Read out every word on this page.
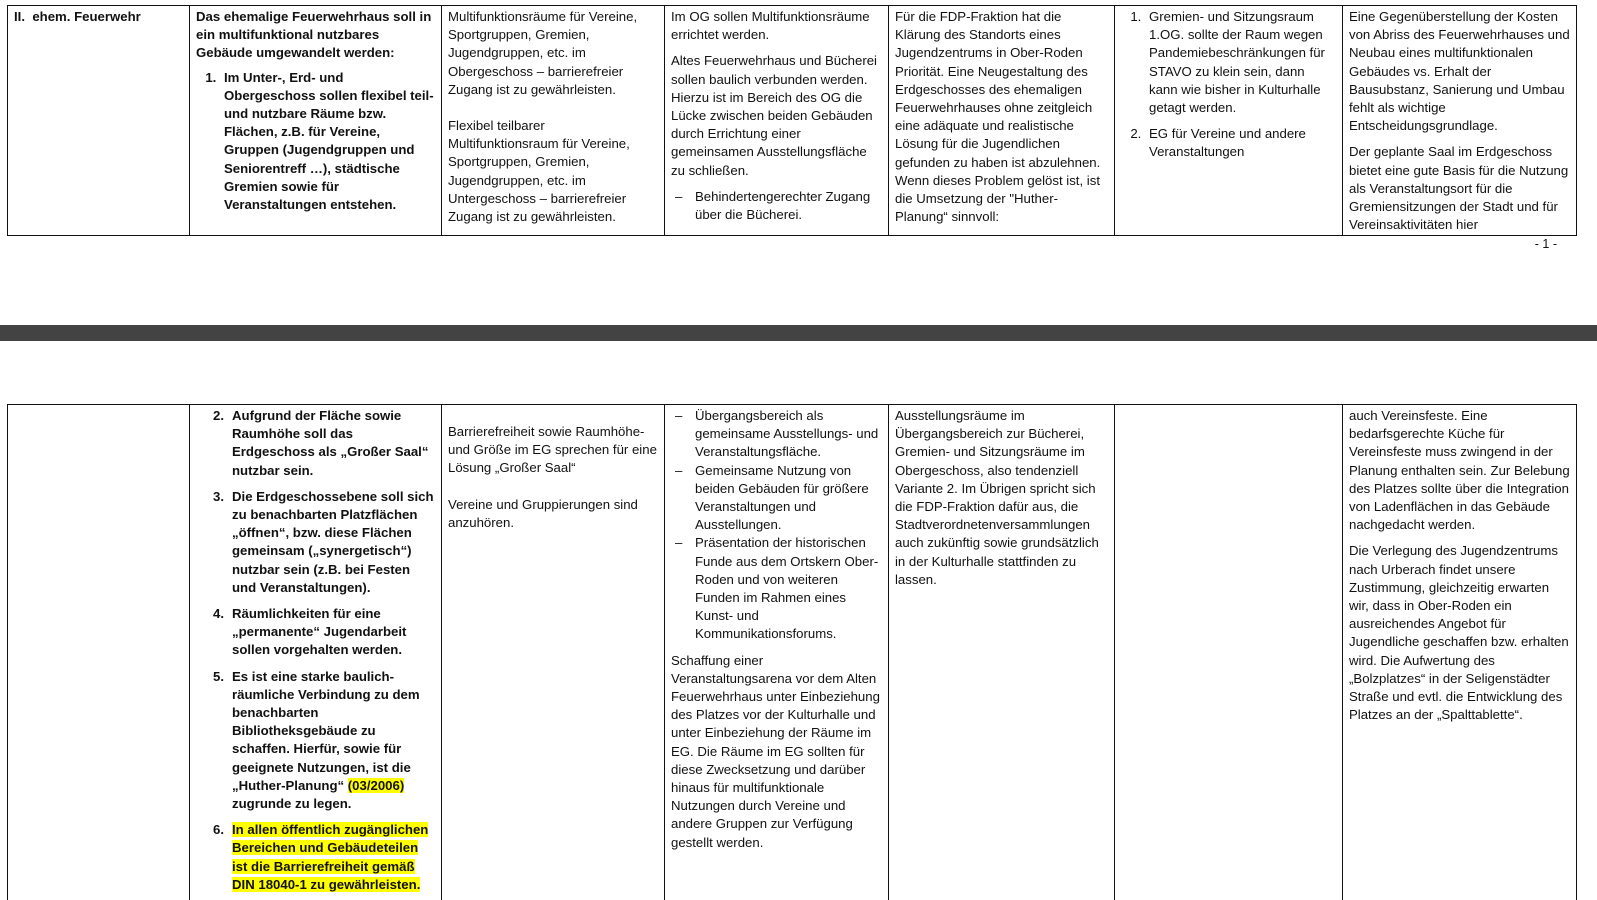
II.  ehem. Feuerwehr	Das ehemalige Feuerwehrhaus soll in ein multifunktional nutzbares Gebäude umgewandelt werden:
1. Im Unter-, Erd- und Obergeschoss sollen flexibel teil- und nutzbare Räume bzw. Flächen, z.B. für Vereine, Gruppen (Jugendgruppen und Seniorentreff …), städtische Gremien sowie für Veranstaltungen entstehen.

Multifunktionsräume für Vereine, Sportgruppen, Gremien, Jugendgruppen, etc. im Obergeschoss – barrierefreier Zugang ist zu gewährleisten.

Flexibel teilbarer Multifunktionsraum für Vereine, Sportgruppen, Gremien, Jugendgruppen, etc. im Untergeschoss – barrierefreier Zugang ist zu gewährleisten.

Im OG sollen Multifunktionsräume errichtet werden.

Altes Feuerwehrhaus und Bücherei sollen baulich verbunden werden. Hierzu ist im Bereich des OG die Lücke zwischen beiden Gebäuden durch Errichtung einer gemeinsamen Ausstellungsfläche zu schließen.

– Behindertengerechter Zugang über die Bücherei.

Für die FDP-Fraktion hat die Klärung des Standorts eines Jugendzentrums in Ober-Roden Priorität. Eine Neugestaltung des Erdgeschosses des ehemaligen Feuerwehrhauses ohne zeitgleich eine adäquate und realistische Lösung für die Jugendlichen gefunden zu haben ist abzulehnen. Wenn dieses Problem gelöst ist, ist die Umsetzung der "Huther-Planung“ sinnvoll:

1. Gremien- und Sitzungsraum 1.OG. sollte der Raum wegen Pandemiebeschränkungen für STAVO zu klein sein, dann kann wie bisher in Kulturhalle getagt werden.
2. EG für Vereine und andere Veranstaltungen

Eine Gegenüberstellung der Kosten von Abriss des Feuerwehrhauses und Neubau eines multifunktionalen Gebäudes vs. Erhalt der Bausubstanz, Sanierung und Umbau fehlt als wichtige Entscheidungsgrundlage.

Der geplante Saal im Erdgeschoss bietet eine gute Basis für die Nutzung als Veranstaltungsort für die Gremiensitzungen der Stadt und für Vereinsaktivitäten hier

- 1 -
2. Aufgrund der Fläche sowie Raumhöhe soll das Erdgeschoss als „Großer Saal“ nutzbar sein.
3. Die Erdgeschossebene soll sich zu benachbarten Platzflächen „öffnen“, bzw. diese Flächen gemeinsam („synergetisch“) nutzbar sein (z.B. bei Festen und Veranstaltungen).
4. Räumlichkeiten für eine „permanente“ Jugendarbeit sollen vorgehalten werden.
5. Es ist eine starke baulich-räumliche Verbindung zu dem benachbarten Bibliotheksgebäude zu schaffen. Hierfür, sowie für geeignete Nutzungen, ist die „Huther-Planung“ (03/2006) zugrunde zu legen.
6. In allen öffentlich zugänglichen Bereichen und Gebäudeteilen ist die Barrierefreiheit gemäß DIN 18040-1 zu gewährleisten.

Barrierefreiheit sowie Raumhöhe- und Größe im EG sprechen für eine Lösung „Großer Saal“

Vereine und Gruppierungen sind anzuhören.

– Übergangsbereich als gemeinsame Ausstellungs- und Veranstaltungsfläche.
– Gemeinsame Nutzung von beiden Gebäuden für größere Veranstaltungen und Ausstellungen.
– Präsentation der historischen Funde aus dem Ortskern Ober-Roden und von weiteren Funden im Rahmen eines Kunst- und Kommunikationsforums.

Schaffung einer Veranstaltungsarena vor dem Alten Feuerwehrhaus unter Einbeziehung des Platzes vor der Kulturhalle und unter Einbeziehung der Räume im EG. Die Räume im EG sollten für diese Zwecksetzung und darüber hinaus für multifunktionale Nutzungen durch Vereine und andere Gruppen zur Verfügung gestellt werden.

Ausstellungsräume im Übergangsbereich zur Bücherei, Gremien- und Sitzungsräume im Obergeschoss, also tendenziell Variante 2. Im Übrigen spricht sich die FDP-Fraktion dafür aus, die Stadtverordnetenversammlungen auch zukünftig sowie grundsätzlich in der Kulturhalle stattfinden zu lassen.

auch Vereinsfeste. Eine bedarfsgerechte Küche für Vereinsfeste muss zwingend in der Planung enthalten sein. Zur Belebung des Platzes sollte über die Integration von Ladenflächen in das Gebäude nachgedacht werden.

Die Verlegung des Jugendzentrums nach Urberach findet unsere Zustimmung, gleichzeitig erwarten wir, dass in Ober-Roden ein ausreichendes Angebot für Jugendliche geschaffen bzw. erhalten wird. Die Aufwertung des „Bolzplatzes“ in der Seligenstädter Straße und evtl. die Entwicklung des Platzes an der „Spalttablette“.
